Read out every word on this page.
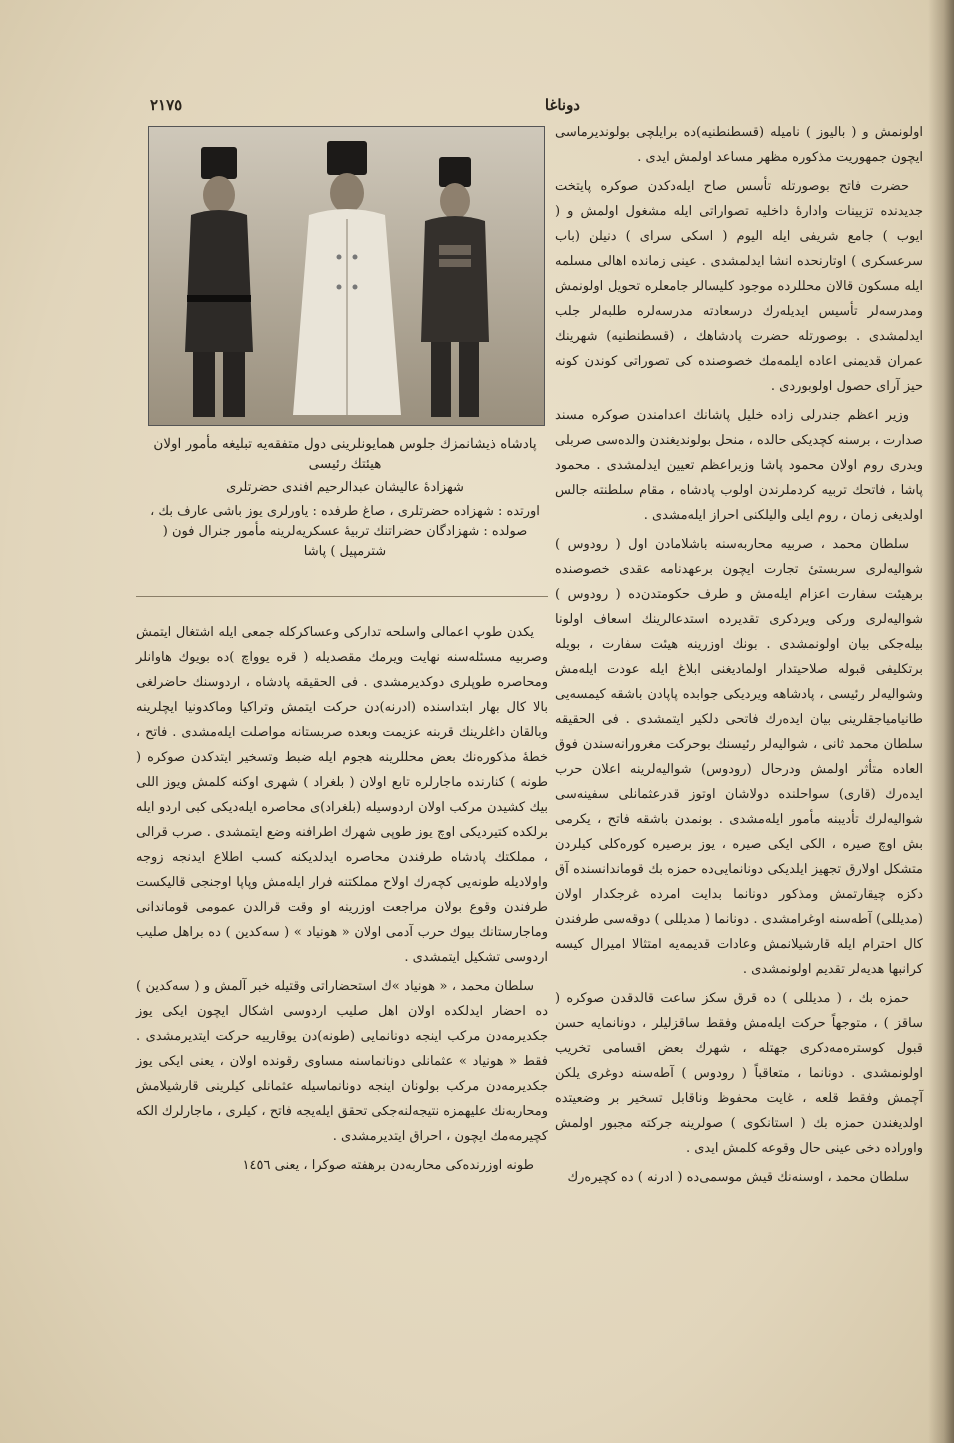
٢١٧٥	دوناغا

پادشاه ذیشانمزك جلوس همایونلرینی دول متفقه‌یه تبلیغه مأمور اولان هیئتك رئیسی

شهزادهٔ عالیشان عبدالرحیم افندی حضرتلری

اورتده : شهزاده حضرتلری ، صاغ طرفده : یاورلری یوز باشی عارف بك ، صولده : شهزادگان حضراتنك تربیهٔ عسکریه‌لرینه مأمور جنرال فون ( شترمپیل ) پاشا

یکدن طوپ اعمالی واسلحه تدارکی وعساکرکله جمعی ایله اشتغال ایتمش وصربیه مسئله‌سنه نهایت ویرمك مقصدیله ( قره یوواچ )ده بویوك هاوانلر ومحاصره طوپلری دوکدیرمشدی . فی الحقیقه پادشاه ، اردوسنك حاضرلغی بالا کال بهار ابتداسنده (ادرنه)دن حرکت ایتمش وتراکیا وماکدونیا ایچلرینه وبالقان داغلرینك قربنه عزیمت وبعده صربستانه مواصلت ایله‌مشدی . فاتح ، خطهٔ مذکوره‌نك بعض محللرینه هجوم ایله ضبط وتسخیر ایتدکدن صوکره ( طونه ) کنارنده ماجارلره تابع اولان ( بلغراد ) شهری اوکنه کلمش ویوز اللی بیك کشیدن مرکب اولان اردوسیله (بلغراد)ی محاصره ایله‌دیکی کبی اردو ایله برلکده کتیردیکی اوچ یوز طوپی شهرك اطرافنه وضع ایتمشدی . صرب قرالی ، مملکتك پادشاه طرفندن محاصره ایدلدیکنه کسب اطلاع ایدنجه زوجه واولادیله طونه‌یی کچه‌رك اولاح مملکتنه فرار ایله‌مش وپاپا اوجنجی قالیکست طرفندن وقوع بولان مراجعت اوزرینه او وقت قرالدن عمومی قوماندانی وماجارستانك بیوك حرب آدمی اولان « هونیاد » ( سه‌کدین ) ده براهل صلیب اردوسی تشکیل ایتمشدی .

سلطان محمد ، « هونیاد »ك استحضاراتی وقتیله خبر آلمش و ( سه‌کدین ) ده احضار ایدلکده اولان اهل صلیب اردوسی اشکال ایچون ایکی یوز جکدیرمه‌دن مرکب اینجه دونانمایی (طونه)دن یوقارییه حرکت ایتدیرمشدی . فقط « هونیاد » عثمانلی دونانماسنه مساوی رقونده اولان ، یعنی ایکی یوز جکدیرمه‌دن مرکب بولونان اینجه دونانماسیله عثمانلی کیلرینی قارشیلامش ومحاربه‌نك علیهمزه نتیجه‌لنه‌جکی تحقق ایله‌یجه فاتح ، کیلری ، ماجارلرك الکه کچیرمه‌مك ایچون ، احراق ایتدیرمشدی .

طونه اوزرنده‌کی محاربه‌دن برهفته صوکرا ، یعنی ١٤٥٦

اولونمش و ( بالیوز ) نامیله (قسطنطنیه)ده برایلچی بولوندیرماسی ایچون جمهوریت مذکوره مظهر مساعد اولمش ایدی .

حضرت فاتح بوصورتله تأسس صاح ایله‌دکدن صوکره پایتخت جدیدنده تزیینات وادارهٔ داخلیه تصواراتی ایله مشغول اولمش و ( ایوب ) جامع شریفی ایله الیوم ( اسکی سرای ) دنیلن (باب سرعسکری ) اوتارنحده انشا ایدلمشدی . عینی زمانده اهالی مسلمه ایله مسکون قالان محللرده موجود کلیسالر جامعلره تحویل اولونمش ومدرسه‌لر تأسیس ایدیله‌رك درسعادته مدرسه‌لره طلبه‌لر جلب ایدلمشدی . بوصورتله حضرت پادشاهك ، (قسطنطنیه) شهرینك عمران قدیمنی اعاده ایلمه‌مك خصوصنده کی تصوراتی کوندن کونه حیز آرای حصول اولوبوردی .

وزیر اعظم جندرلی زاده خلیل پاشانك اعدامندن صوکره مسند صدارت ، برسنه کچدیکی حالده ، منحل بولوندیغندن والده‌سی صربلی وبدری روم اولان محمود پاشا وزیراعظم تعیین ایدلمشدی . محمود پاشا ، فاتحك تربیه کردملرندن اولوب پادشاه ، مقام سلطنته جالس اولدیغی زمان ، روم ایلی والیلکنی احراز ایله‌مشدی .

سلطان محمد ، صربیه محاربه‌سنه باشلامادن اول ( رودوس ) شوالیه‌لری سربستیٔ تجارت ایچون برعهدنامه عقدی خصوصنده برهیئت سفارت اعزام ایله‌مش و طرف حکومتدن‌ده ( رودوس ) شوالیه‌لری ورکی ویردکری تقدیرده استدعالرینك اسعاف اولونا بیله‌جکی بیان اولونمشدی . بونك اوزرینه هیئت سفارت ، بویله برتکلیفی قبوله صلاحیتدار اولمادیغنی ابلاغ ایله عودت ایله‌مش وشوالیه‌لر رئیسی ، پادشاهه ویردیکی جوابده پاپادن باشقه کیمسه‌یی طانیامیاجقلرینی بیان ایده‌رك فاتحی دلکیر ایتمشدی . فی الحقیقه سلطان محمد ثانی ، شوالیه‌لر رئیسنك بوحرکت مغرورانه‌سندن فوق العاده متأثر اولمش ودرحال (رودوس) شوالیه‌لرینه اعلان حرب ایده‌رك (قاری) سواحلنده دولاشان اوتوز قدرعثمانلی سفینه‌سی شوالیه‌لرك تأدیبنه مأمور ایله‌مشدی . بونمدن باشقه فاتح ، یکرمی بش اوچ صیره ، الکی ایکی صیره ، یوز برصیره کوره‌کلی کیلردن متشکل اولارق تجهیز ایلدیکی دونانمایی‌ده حمزه بك قوماندانسنده آق دکزه چیقارتمش ومذکور دونانما بدایت امرده غرجکدار اولان (مدیللی) آطه‌سنه اوغرامشدی . دونانما ( مدیللی ) دوقه‌سی طرفندن کال احترام ایله قارشیلانمش وعادات قدیمه‌یه امتثالا امیرال کیسه کرانبها هدیه‌لر تقدیم اولونمشدی .

حمزه بك ، ( مدیللی ) ده قرق سکز ساعت قالدقدن صوکره ( ساقز ) ، متوجهاً حرکت ایله‌مش وفقط ساقزلیلر ، دونانمایه حسن قبول کوستره‌مه‌دکری جهتله ، شهرك بعض اقسامی تخریب اولونمشدی . دونانما ، متعاقباً ( رودوس ) آطه‌سنه دوغری یلکن آچمش وفقط قلعه ، غایت محفوظ وناقابل تسخیر بر وضعیتده اولدیغندن حمزه بك ( استانکوی ) صولرینه جرکته مجبور اولمش واوراده دخی عینی حال وقوعه کلمش ایدی .

سلطان محمد ، اوسنه‌نك قیش موسمی‌ده ( ادرنه ) ده کچیره‌رك
